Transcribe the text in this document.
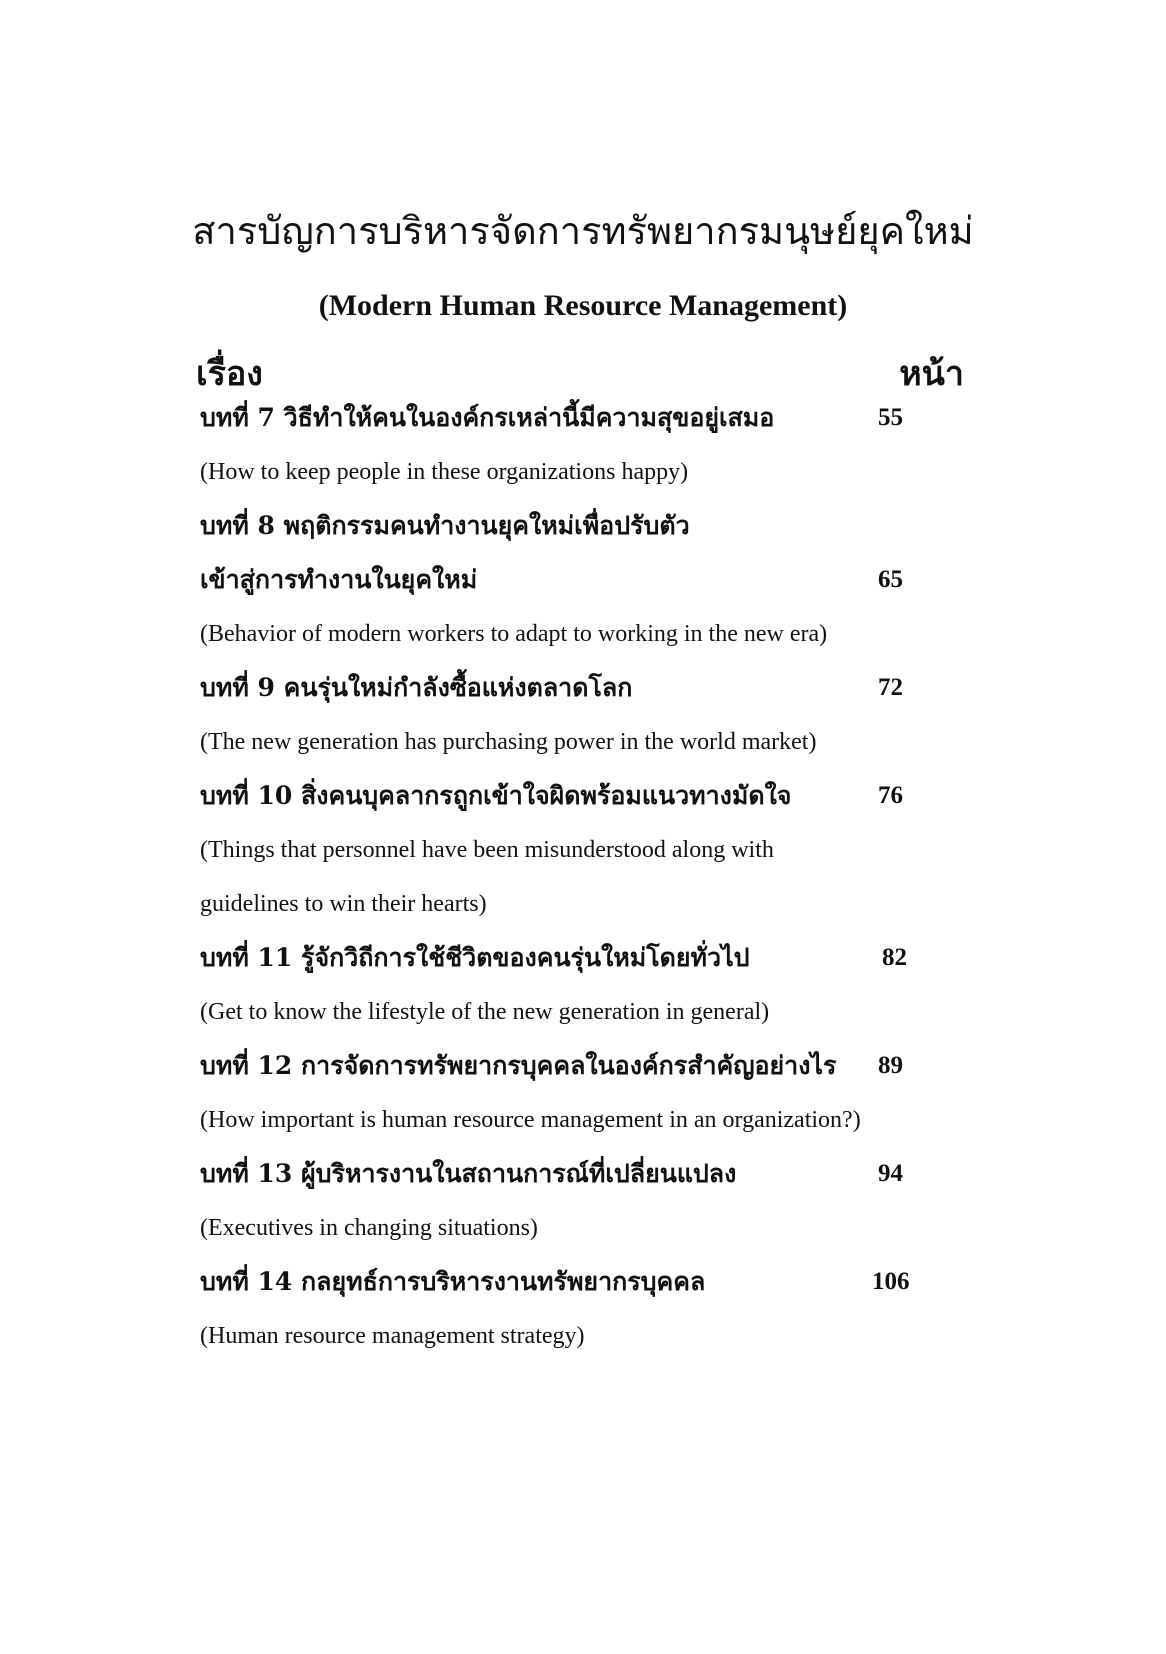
สารบัญการบริหารจัดการทรัพยากรมนุษย์ยุคใหม่
(Modern Human Resource Management)
เรื่อง	หน้า
บทที่ 7 วิธีทำให้คนในองค์กรเหล่านี้มีความสุขอยู่เสมอ	55
(How to keep people in these organizations happy)
บทที่ 8 พฤติกรรมคนทำงานยุคใหม่เพื่อปรับตัว
เข้าสู่การทำงานในยุคใหม่	65
(Behavior of modern workers to adapt to working in the new era)
บทที่ 9 คนรุ่นใหม่กำลังซื้อแห่งตลาดโลก	72
(The new generation has purchasing power in the world market)
บทที่ 10 สิ่งคนบุคลากรถูกเข้าใจผิดพร้อมแนวทางมัดใจ	76
(Things that personnel have been misunderstood along with
guidelines to win their hearts)
บทที่ 11 รู้จักวิถีการใช้ชีวิตของคนรุ่นใหม่โดยทั่วไป	82
(Get to know the lifestyle of the new generation in general)
บทที่ 12 การจัดการทรัพยากรบุคคลในองค์กรสำคัญอย่างไร	89
(How important is human resource management in an organization?)
บทที่ 13 ผู้บริหารงานในสถานการณ์ที่เปลี่ยนแปลง	94
(Executives in changing situations)
บทที่ 14 กลยุทธ์การบริหารงานทรัพยากรบุคคล	106
(Human resource management strategy)
